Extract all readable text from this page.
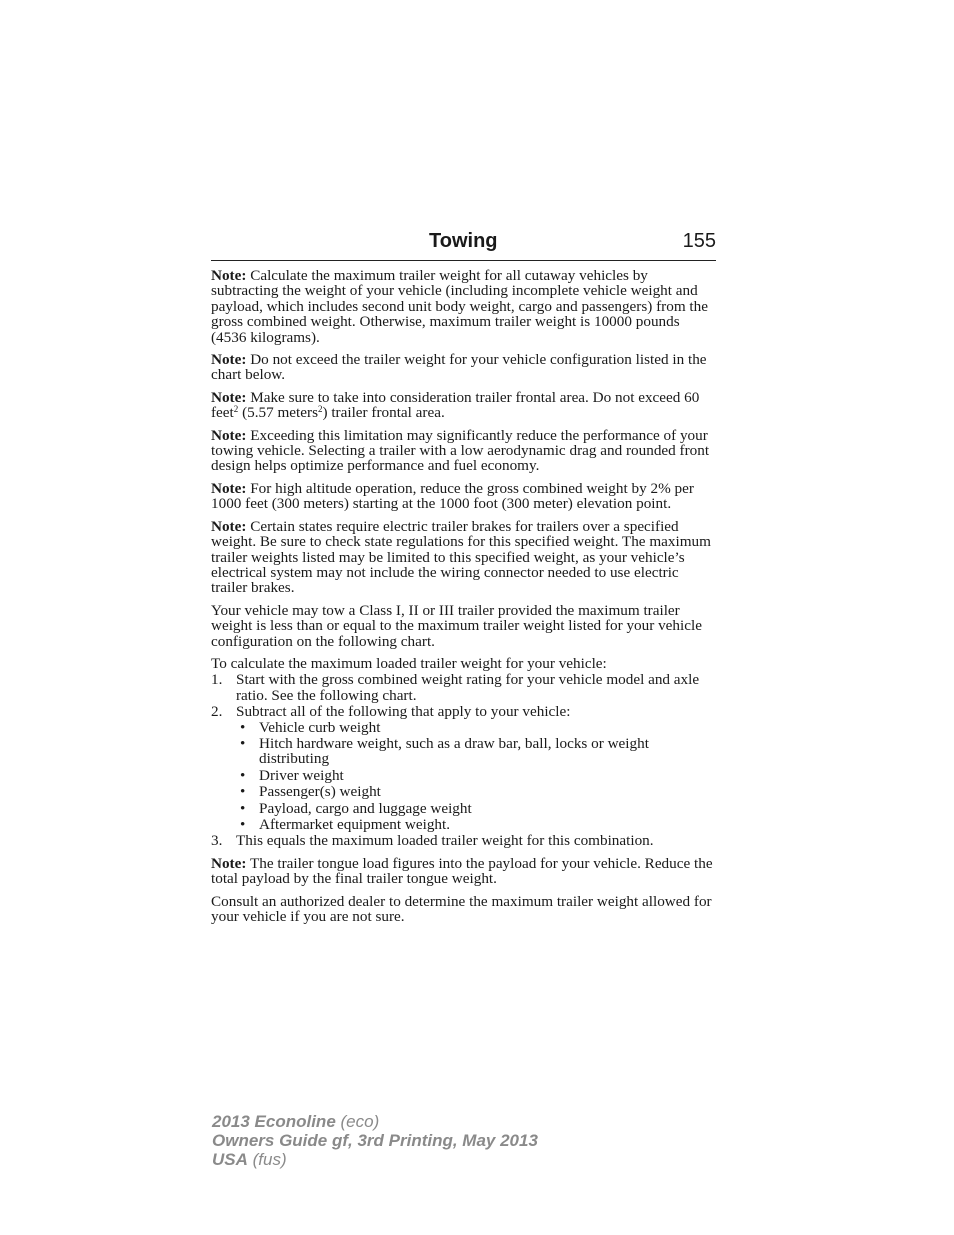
Towing	155

Note: Calculate the maximum trailer weight for all cutaway vehicles by subtracting the weight of your vehicle (including incomplete vehicle weight and payload, which includes second unit body weight, cargo and passengers) from the gross combined weight. Otherwise, maximum trailer weight is 10000 pounds (4536 kilograms).

Note: Do not exceed the trailer weight for your vehicle configuration listed in the chart below.

Note: Make sure to take into consideration trailer frontal area. Do not exceed 60 feet$^2$ (5.57 meters$^2$) trailer frontal area.

Note: Exceeding this limitation may significantly reduce the performance of your towing vehicle. Selecting a trailer with a low aerodynamic drag and rounded front design helps optimize performance and fuel economy.

Note: For high altitude operation, reduce the gross combined weight by 2% per 1000 feet (300 meters) starting at the 1000 foot (300 meter) elevation point.

Note: Certain states require electric trailer brakes for trailers over a specified weight. Be sure to check state regulations for this specified weight. The maximum trailer weights listed may be limited to this specified weight, as your vehicle’s electrical system may not include the wiring connector needed to use electric trailer brakes.

Your vehicle may tow a Class I, II or III trailer provided the maximum trailer weight is less than or equal to the maximum trailer weight listed for your vehicle configuration on the following chart.

To calculate the maximum loaded trailer weight for your vehicle:

1. Start with the gross combined weight rating for your vehicle model and axle ratio. See the following chart.
2. Subtract all of the following that apply to your vehicle:
• Vehicle curb weight
• Hitch hardware weight, such as a draw bar, ball, locks or weight distributing
• Driver weight
• Passenger(s) weight
• Payload, cargo and luggage weight
• Aftermarket equipment weight.
3. This equals the maximum loaded trailer weight for this combination.

Note: The trailer tongue load figures into the payload for your vehicle. Reduce the total payload by the final trailer tongue weight.

Consult an authorized dealer to determine the maximum trailer weight allowed for your vehicle if you are not sure.

2013 Econoline (eco)
Owners Guide gf, 3rd Printing, May 2013
USA (fus)
